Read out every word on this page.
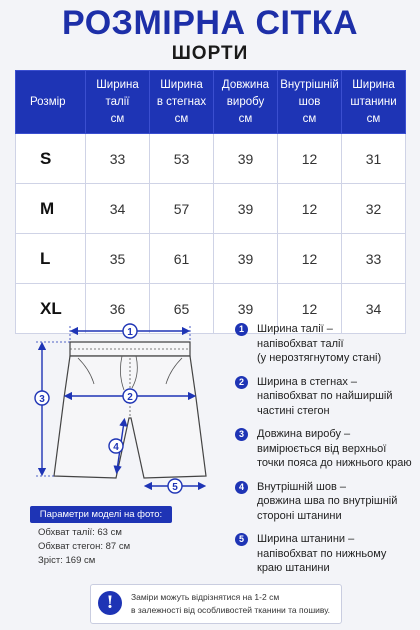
РОЗМІРНА СІТКА
ШОРТИ
Розмір	Ширина
талії
см	Ширина
в стегнах
см	Довжина
виробу
см	Внутрішній
шов
см	Ширина
штанини
см

S	33	53	39	12	31
M	34	57	39	12	32
L	35	61	39	12	33
XL	36	65	39	12	34
1
2
3
4
5
1	Ширина талії –
напівобхват талії
(у нерозтягнутому стані)
2	Ширина в стегнах –
напівобхват по найширшій
частині стегон
3	Довжина виробу –
вимірюється від верхньої
точки пояса до нижнього краю
4	Внутрішній шов –
довжина шва по внутрішній
стороні штанини
5	Ширина штанини –
напівобхват по нижньому
краю штанини
Параметри моделі на фото:
Обхват талії: 63 см
Обхват стегон: 87 см
Зріст: 169 см
!	Заміри можуть відрізнятися на 1-2 см
в залежності від особливостей тканини та пошиву.
